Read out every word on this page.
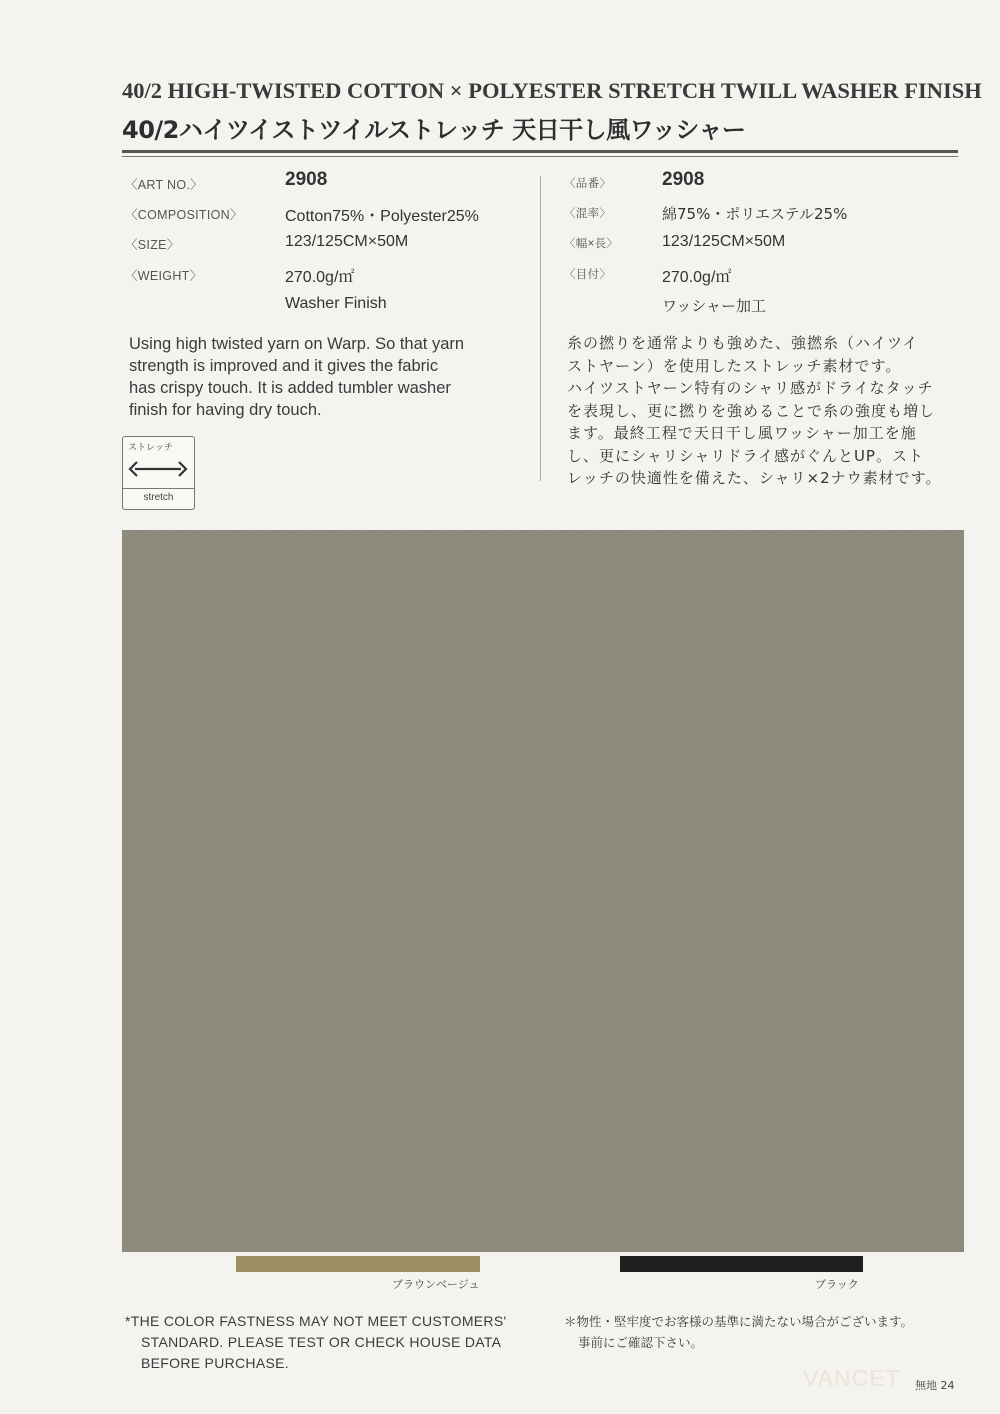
40/2 HIGH-TWISTED COTTON × POLYESTER STRETCH TWILL WASHER FINISH
40/2ハイツイストツイルストレッチ 天日干し風ワッシャー
〈ART NO.〉	2908
〈COMPOSITION〉	Cotton75%・Polyester25%
〈SIZE〉	123/125CM×50M
〈WEIGHT〉	270.0g/㎡
Washer Finish
〈品番〉	2908
〈混率〉	綿75%・ポリエステル25%
〈幅×長〉	123/125CM×50M
〈目付〉	270.0g/㎡
ワッシャー加工
Using high twisted yarn on Warp. So that yarn
strength is improved and it gives the fabric
has crispy touch. It is added tumbler washer
finish for having dry touch.
糸の撚りを通常よりも強めた、強撚糸（ハイツイ
ストヤーン）を使用したストレッチ素材です。
ハイツストヤーン特有のシャリ感がドライなタッチ
を表現し、更に撚りを強めることで糸の強度も増し
ます。最終工程で天日干し風ワッシャー加工を施
し、更にシャリシャリドライ感がぐんとUP。スト
レッチの快適性を備えた、シャリ×2ナウ素材です。
ストレッチ
stretch
ブラウンベージュ	ブラック
*THE COLOR FASTNESS MAY NOT MEET CUSTOMERS'
STANDARD. PLEASE TEST OR CHECK HOUSE DATA
BEFORE PURCHASE.
＊物性・堅牢度でお客様の基準に満たない場合がございます。
事前にご確認下さい。
VANCET 無地 24
